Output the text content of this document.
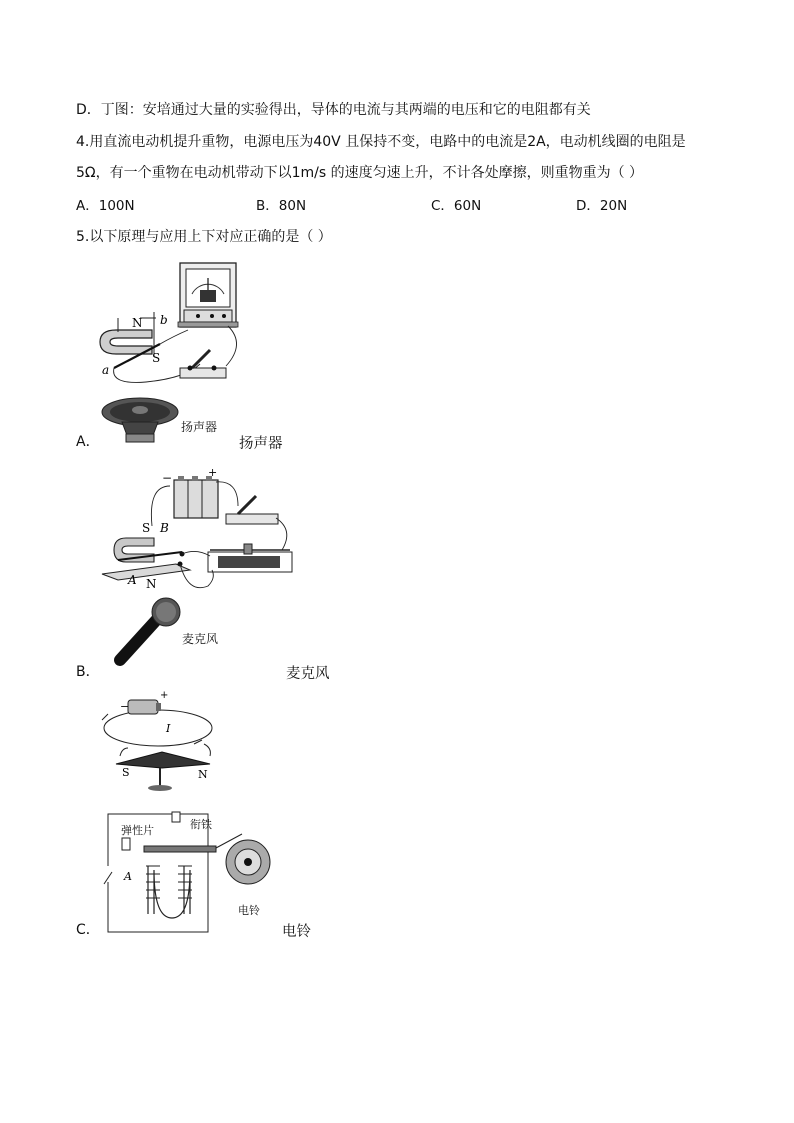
D．丁图：安培通过大量的实验得出，导体的电流与其两端的电压和它的电阻都有关
4.用直流电动机提升重物，电源电压为40V 且保持不变，电路中的电流是2A，电动机线圈的电阻是
5Ω，有一个重物在电动机带动下以1m/s 的速度匀速上升，不计各处摩擦，则重物重为（ ）
A．100N	B．80N	C．60N	D．20N
5.以下原理与应用上下对应正确的是（ ）
N
S
a
b
扬声器
A．	扬声器
−	+
S B
A N
麦克风
B．	麦克风
−
+
I
S	N
A
弹性片	衔铁
电铃
C．	电铃
